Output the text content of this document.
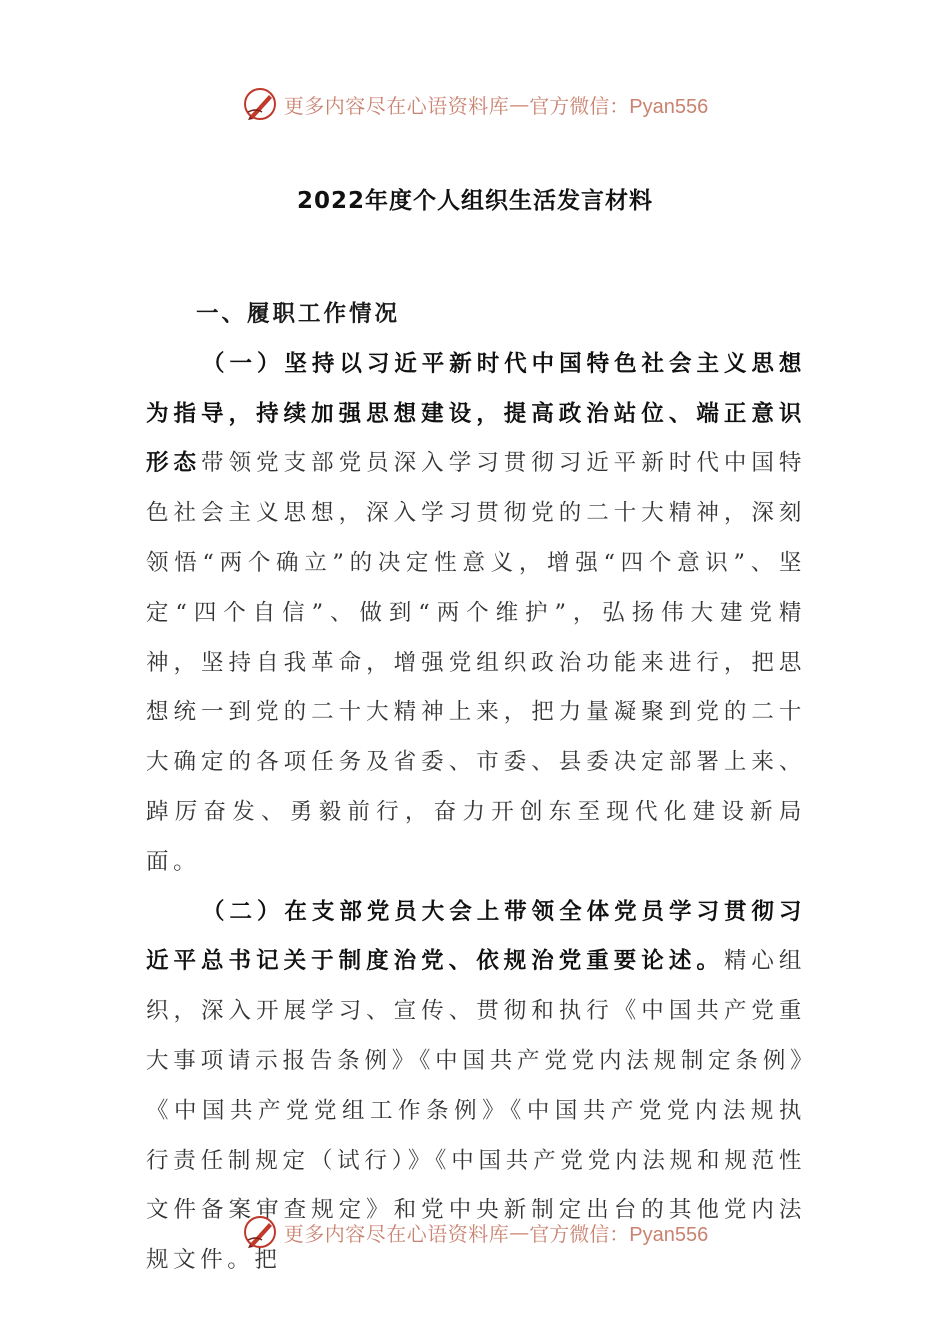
更多内容尽在心语资料库 — 官方微信：Pyan556
2022年度个人组织生活发言材料

一、履职工作情况

（一）坚持以习近平新时代中国特色社会主义思想为指导，持续加强思想建设，提高政治站位、端正意识形态带领党支部党员深入学习贯彻习近平新时代中国特色社会主义思想，深入学习贯彻党的二十大精神，深刻领悟“两个确立”的决定性意义，增强“四个意识”、坚定“四个自信”、做到“两个维护”，弘扬伟大建党精神，坚持自我革命，增强党组织政治功能来进行，把思想统一到党的二十大精神上来，把力量凝聚到党的二十大确定的各项任务及省委、市委、县委决定部署上来、踔厉奋发、勇毅前行，奋力开创东至现代化建设新局面。

（二）在支部党员大会上带领全体党员学习贯彻习近平总书记关于制度治党、依规治党重要论述。精心组织，深入开展学习、宣传、贯彻和执行《中国共产党重大事项请示报告条例》《中国共产党党内法规制定条例》《中国共产党党组工作条例》《中国共产党党内法规执行责任制规定（试行）》《中国共产党党内法规和规范性文件备案审查规定》和党中央新制定出台的其他党内法规文件。把

更多内容尽在心语资料库 — 官方微信：Pyan556
